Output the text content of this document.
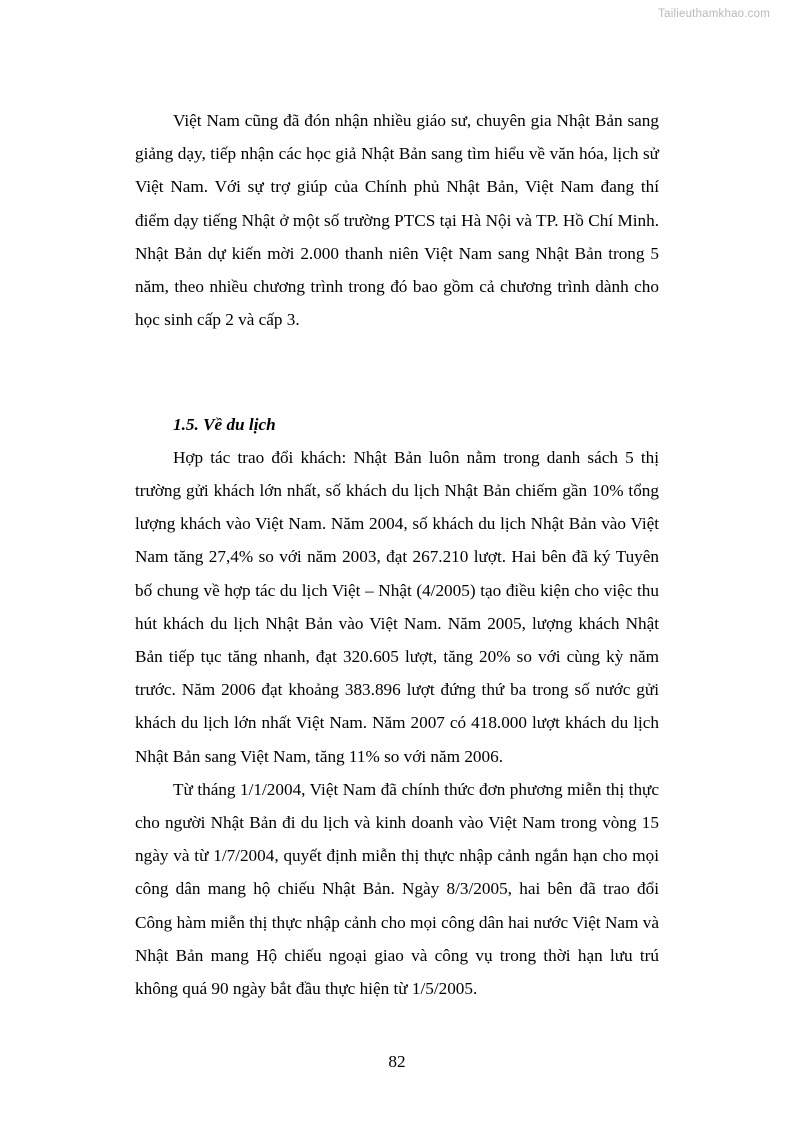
Tailieuthamkhao.com

Việt Nam cũng đã đón nhận nhiều giáo sư, chuyên gia Nhật Bản sang giảng dạy, tiếp nhận các học giả Nhật Bản sang tìm hiểu về văn hóa, lịch sử Việt Nam. Với sự trợ giúp của Chính phủ Nhật Bản, Việt Nam đang thí điểm dạy tiếng Nhật ở một số trường PTCS tại Hà Nội và TP. Hồ Chí Minh. Nhật Bản dự kiến mời 2.000 thanh niên Việt Nam sang Nhật Bản trong 5 năm, theo nhiều chương trình trong đó bao gồm cả chương trình dành cho học sinh cấp 2 và cấp 3.

1.5. Về du lịch

Hợp tác trao đổi khách: Nhật Bản luôn nằm trong danh sách 5 thị trường gửi khách lớn nhất, số khách du lịch Nhật Bản chiếm gần 10% tổng lượng khách vào Việt Nam. Năm 2004, số khách du lịch Nhật Bản vào Việt Nam tăng 27,4% so với năm 2003, đạt 267.210 lượt. Hai bên đã ký Tuyên bố chung về hợp tác du lịch Việt – Nhật (4/2005) tạo điều kiện cho việc thu hút khách du lịch Nhật Bản vào Việt Nam. Năm 2005, lượng khách Nhật Bản tiếp tục tăng nhanh, đạt 320.605 lượt, tăng 20% so với cùng kỳ năm trước. Năm 2006 đạt khoảng 383.896 lượt đứng thứ ba trong số nước gửi khách du lịch lớn nhất Việt Nam. Năm 2007 có 418.000 lượt khách du lịch Nhật Bản sang Việt Nam, tăng 11% so với năm 2006.

Từ tháng 1/1/2004, Việt Nam đã chính thức đơn phương miễn thị thực cho người Nhật Bản đi du lịch và kinh doanh vào Việt Nam trong vòng 15 ngày và từ 1/7/2004, quyết định miễn thị thực nhập cảnh ngắn hạn cho mọi công dân mang hộ chiếu Nhật Bản. Ngày 8/3/2005, hai bên đã trao đổi Công hàm miễn thị thực nhập cảnh cho mọi công dân hai nước Việt Nam và Nhật Bản mang Hộ chiếu ngoại giao và công vụ trong thời hạn lưu trú không quá 90 ngày bắt đầu thực hiện từ 1/5/2005.

82
